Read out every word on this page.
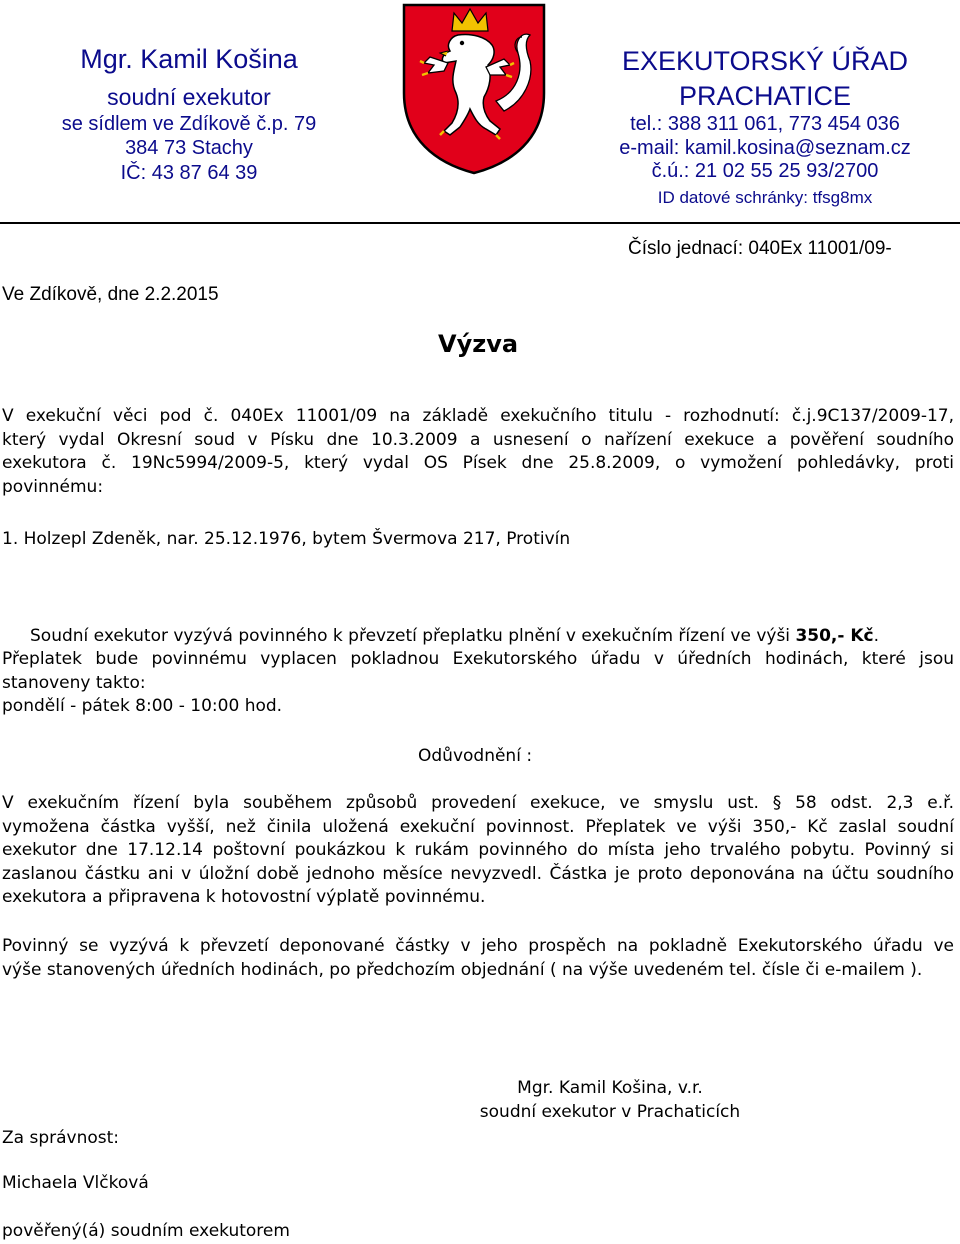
Mgr. Kamil Košina
soudní exekutor
se sídlem ve Zdíkově č.p. 79
384 73 Stachy
IČ: 43 87 64 39
EXEKUTORSKÝ ÚŘAD
PRACHATICE
tel.: 388 311 061, 773 454 036
e-mail: kamil.kosina@seznam.cz
č.ú.: 21 02 55 25 93/2700
ID datové schránky: tfsg8mx
Číslo jednací: 040Ex 11001/09-
Ve Zdíkově, dne 2.2.2015
Výzva
V exekuční věci pod č. 040Ex 11001/09 na základě exekučního titulu - rozhodnutí: č.j.9C137/2009-17,
který vydal Okresní soud v Písku dne 10.3.2009 a usnesení o nařízení exekuce a pověření soudního
exekutora č. 19Nc5994/2009-5, který vydal OS Písek dne 25.8.2009, o vymožení pohledávky, proti
povinnému:
1. Holzepl Zdeněk, nar. 25.12.1976, bytem Švermova 217, Protivín
Soudní exekutor vyzývá povinného k převzetí přeplatku plnění v exekučním řízení ve výši 350,- Kč.
Přeplatek bude povinnému vyplacen pokladnou Exekutorského úřadu v úředních hodinách, které jsou
stanoveny takto:
pondělí - pátek 8:00 - 10:00 hod.
Odůvodnění :
V exekučním řízení byla souběhem způsobů provedení exekuce, ve smyslu ust. § 58 odst. 2,3 e.ř.
vymožena částka vyšší, než činila uložená exekuční povinnost. Přeplatek ve výši 350,- Kč zaslal soudní
exekutor dne 17.12.14 poštovní poukázkou k rukám povinného do místa jeho trvalého pobytu. Povinný si
zaslanou částku ani v úložní době jednoho měsíce nevyzvedl. Částka je proto deponována na účtu soudního
exekutora a připravena k hotovostní výplatě povinnému.
Povinný se vyzývá k převzetí deponované částky v jeho prospěch na pokladně Exekutorského úřadu ve
výše stanovených úředních hodinách, po předchozím objednání ( na výše uvedeném tel. čísle či e-mailem ).
Mgr. Kamil Košina, v.r.
soudní exekutor v Prachaticích
Za správnost:
Michaela Vlčková
pověřený(á) soudním exekutorem
